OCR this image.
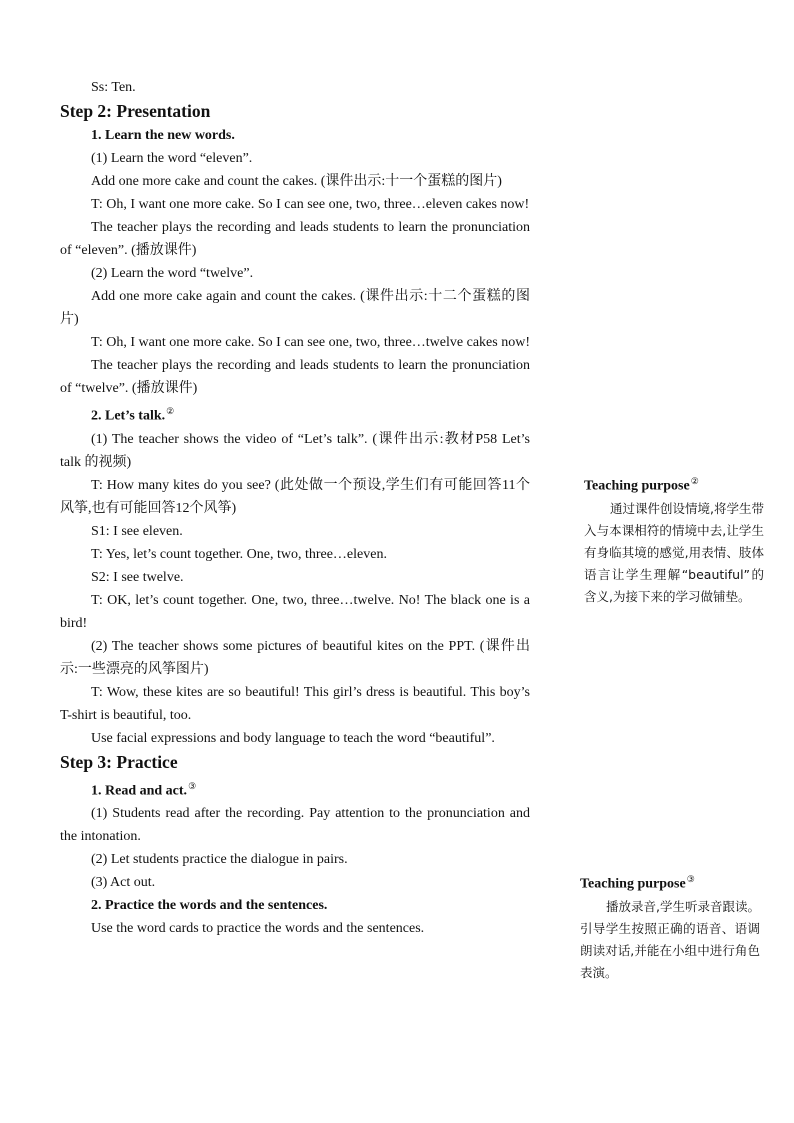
Ss: Ten.

Step 2: Presentation

1. Learn the new words.

(1) Learn the word “eleven”.

Add one more cake and count the cakes. (课件出示:十一个蛋糕的图片)

T: Oh, I want one more cake. So I can see one, two, three…eleven cakes now!

The teacher plays the recording and leads students to learn the pronunciation of “eleven”. (播放课件)

(2) Learn the word “twelve”.

Add one more cake again and count the cakes. (课件出示:十二个蛋糕的图片)

T: Oh, I want one more cake. So I can see one, two, three…twelve cakes now!

The teacher plays the recording and leads students to learn the pronunciation of “twelve”. (播放课件)

2. Let’s talk.②

(1) The teacher shows the video of “Let’s talk”. (课件出示:教材P58 Let’s talk 的视频)

T: How many kites do you see? (此处做一个预设,学生们有可能回答11个风筝,也有可能回答12个风筝)

S1: I see eleven.

T: Yes, let’s count together. One, two, three…eleven.

S2: I see twelve.

T: OK, let’s count together. One, two, three…twelve. No! The black one is a bird!

(2) The teacher shows some pictures of beautiful kites on the PPT. (课件出示:一些漂亮的风筝图片)

T: Wow, these kites are so beautiful! This girl’s dress is beautiful. This boy’s T-shirt is beautiful, too.

Use facial expressions and body language to teach the word “beautiful”.

Step 3: Practice

1. Read and act.③

(1) Students read after the recording. Pay attention to the pronunciation and the intonation.

(2) Let students practice the dialogue in pairs.

(3) Act out.

2. Practice the words and the sentences.

Use the word cards to practice the words and the sentences.

Teaching purpose②

通过课件创设情境,将学生带入与本课相符的情境中去,让学生有身临其境的感觉,用表情、肢体语言让学生理解“beautiful”的含义,为接下来的学习做铺垫。

Teaching purpose③

播放录音,学生听录音跟读。引导学生按照正确的语音、语调朗读对话,并能在小组中进行角色表演。
